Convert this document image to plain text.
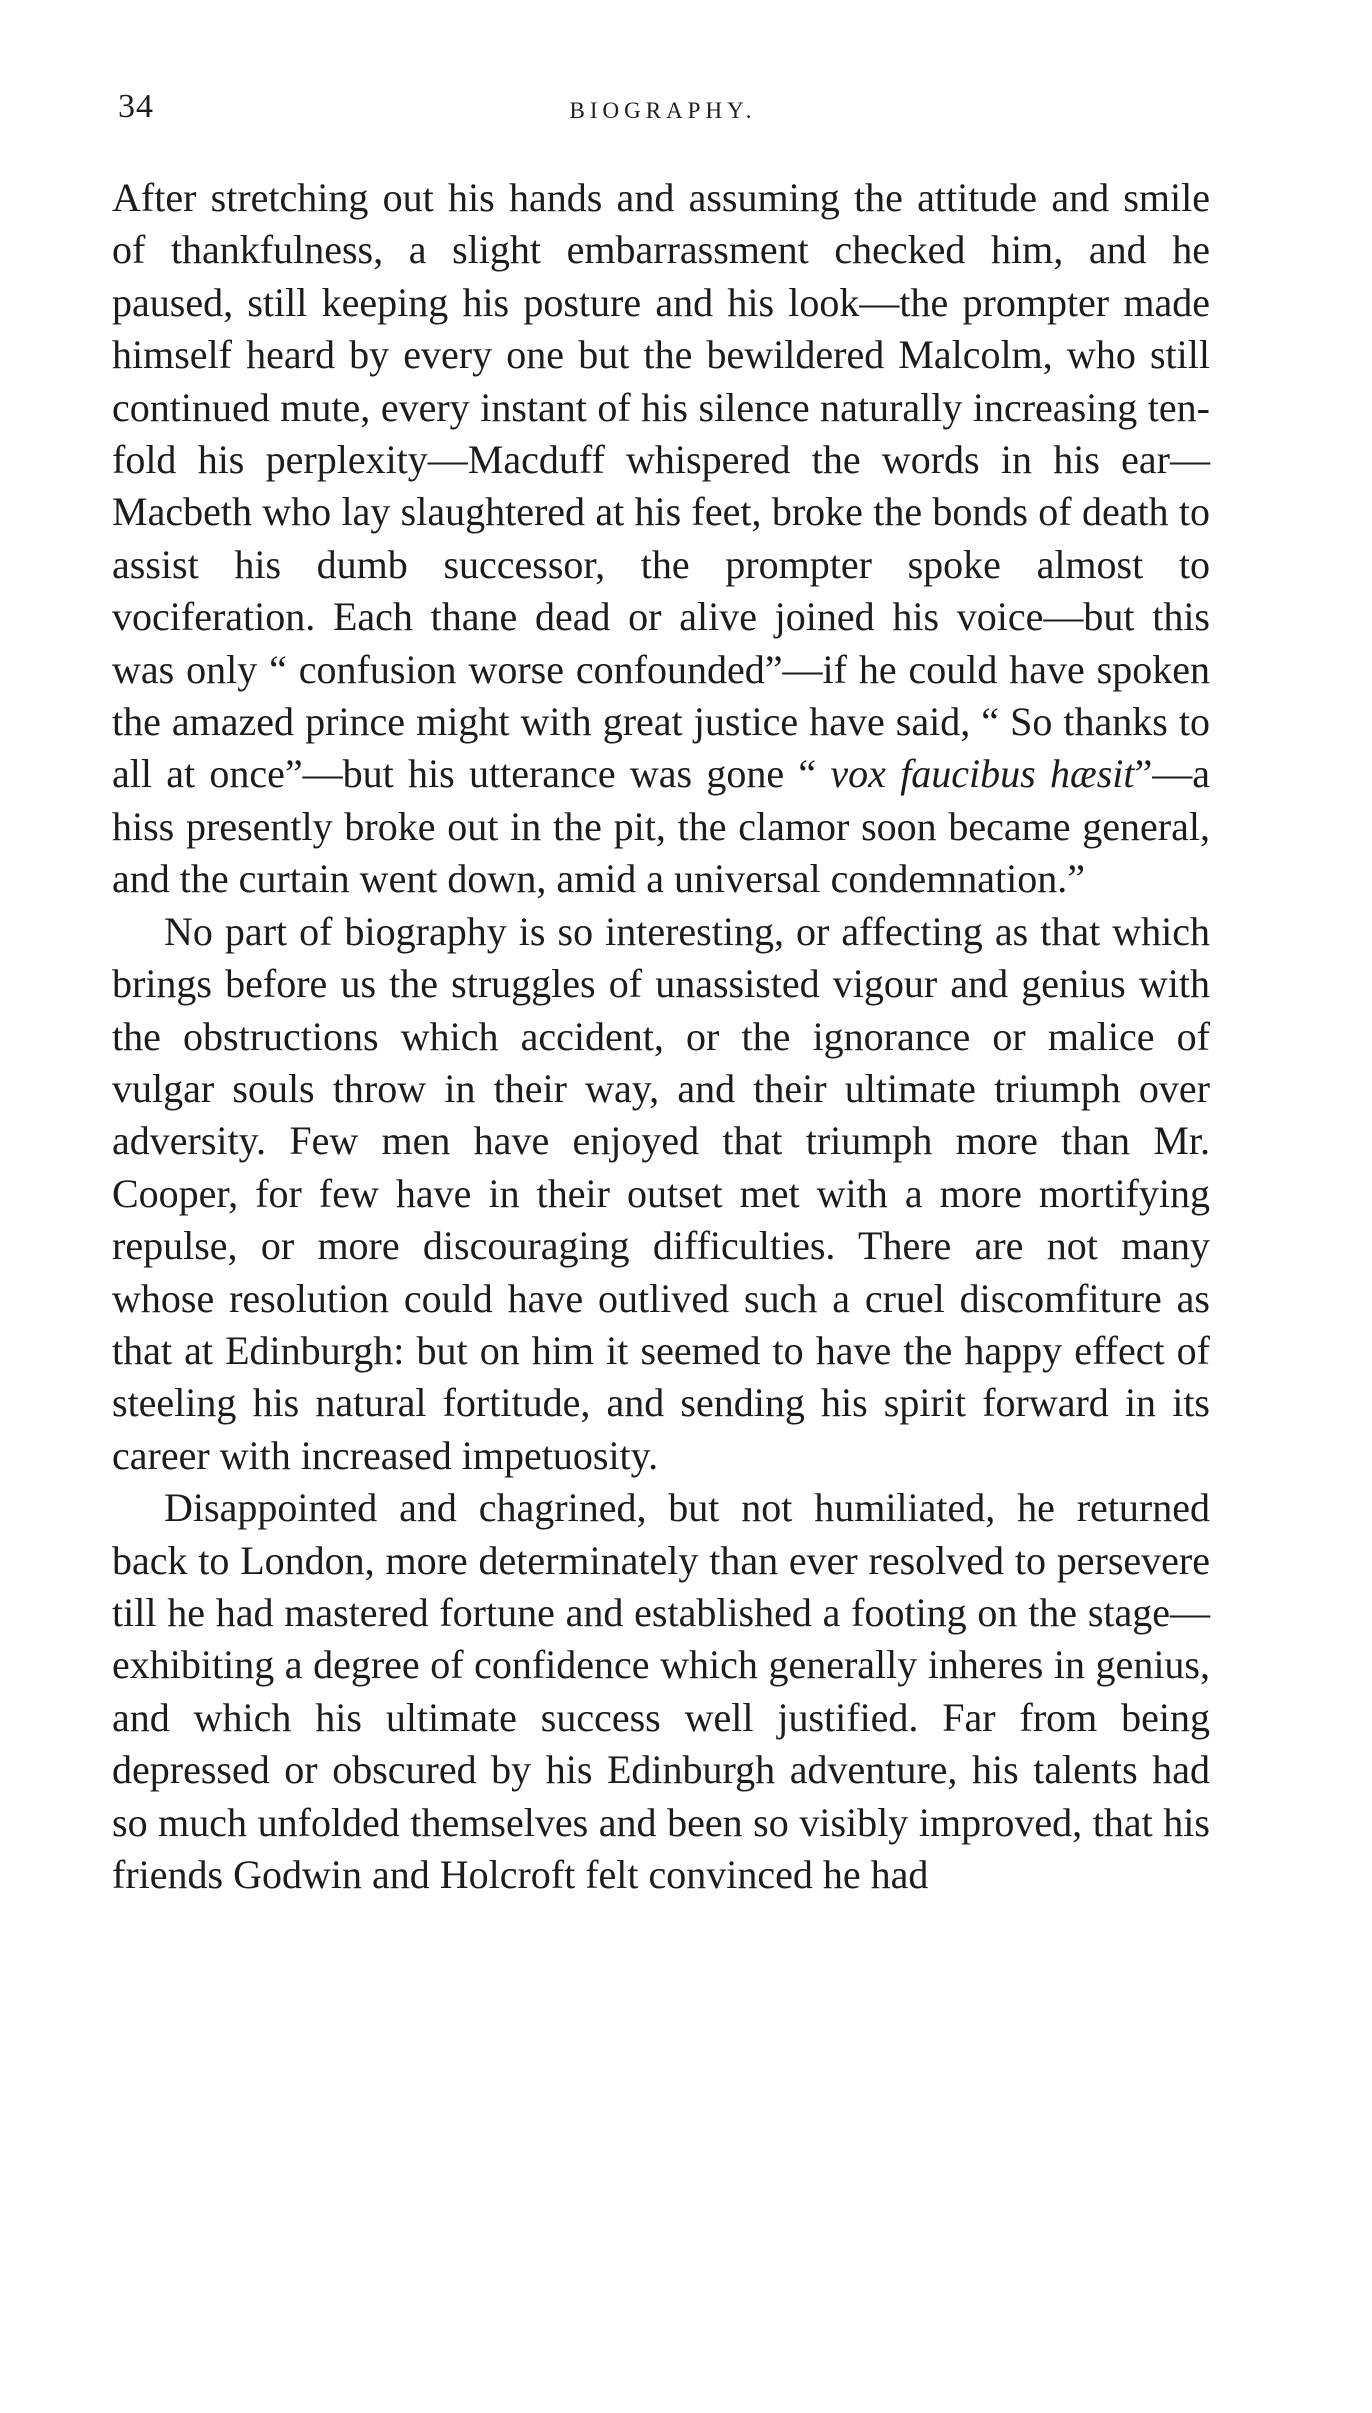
34	BIOGRAPHY.

After stretching out his hands and assuming the attitude and smile of thankfulness, a slight embarrassment checked him, and he paused, still keeping his posture and his look—the prompter made himself heard by every one but the bewildered Malcolm, who still continued mute, every instant of his silence naturally increasing ten-fold his perplexity—Macduff whispered the words in his ear—Macbeth who lay slaughtered at his feet, broke the bonds of death to assist his dumb successor, the prompter spoke almost to vociferation. Each thane dead or alive joined his voice—but this was only “ confusion worse confounded”—if he could have spoken the amazed prince might with great justice have said, “ So thanks to all at once”—but his utterance was gone “ vox faucibus hæsit”—a hiss presently broke out in the pit, the clamor soon became general, and the curtain went down, amid a universal condemnation.”

No part of biography is so interesting, or affecting as that which brings before us the struggles of unassisted vigour and genius with the obstructions which accident, or the ignorance or malice of vulgar souls throw in their way, and their ultimate triumph over adversity. Few men have enjoyed that triumph more than Mr. Cooper, for few have in their outset met with a more mortifying repulse, or more discouraging difficulties. There are not many whose resolution could have outlived such a cruel discomfiture as that at Edinburgh: but on him it seemed to have the happy effect of steeling his natural fortitude, and sending his spirit forward in its career with increased impetuosity.

Disappointed and chagrined, but not humiliated, he returned back to London, more determinately than ever resolved to persevere till he had mastered fortune and established a footing on the stage—exhibiting a degree of confidence which generally inheres in genius, and which his ultimate success well justified. Far from being depressed or obscured by his Edinburgh adventure, his talents had so much unfolded themselves and been so visibly improved, that his friends Godwin and Holcroft felt convinced he had
